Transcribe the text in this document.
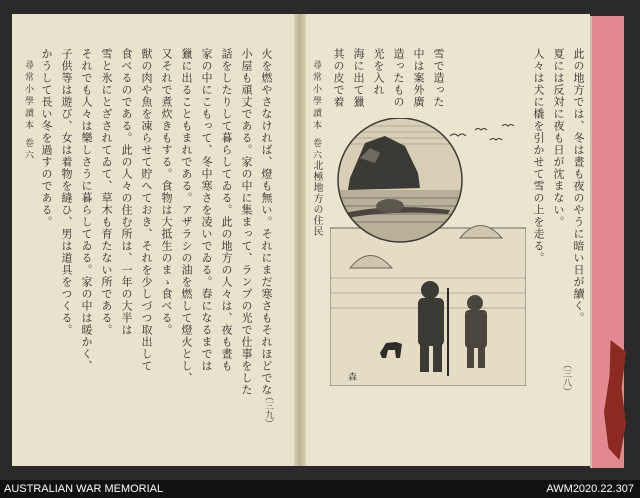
尋常小學讀本 卷六
（三九）
かうして長い冬を過すのである。 子供等は遊び、女は着物を縫ひ、男は道具をつくる。 それでも人々は樂しさうに暮らしてゐる。家の中は暖かく、 雪と氷にとざされてゐて、草木も育たない所である。 食べるのである。此の人々の住む所は、一年の大半は 獣の肉や魚を凍らせて貯へておき、それを少しづつ取出して 又それで煮炊きもする。食物は大抵生のまゝ食べる。 獵に出ることもまれである。アザラシの油を燃して燈火とし、 家の中にこもって、冬中寒さを凌いでゐる。春になるまでは 話をしたりして暮らしてゐる。此の地方の人々は、夜も晝も 小屋も頑丈である。家の中に集まって、ランプの光で仕事をした
火を燃やさなければ、燈も無い。それにまだ寒さもそれほどでな
尋常小學讀本 卷六
（三八）
其の皮で着
海に出て獵
光を入れ
造ったもの
中は案外廣
雪で造った	人々は犬に橇を引かせて雪の上を走る。 夏には反対に夜も日が沈まない。 此の地方では、冬は晝も夜のやうに暗い日が續く。
北極地方の住民
森
AUSTRALIAN WAR MEMORIAL	AWM2020.22.307
